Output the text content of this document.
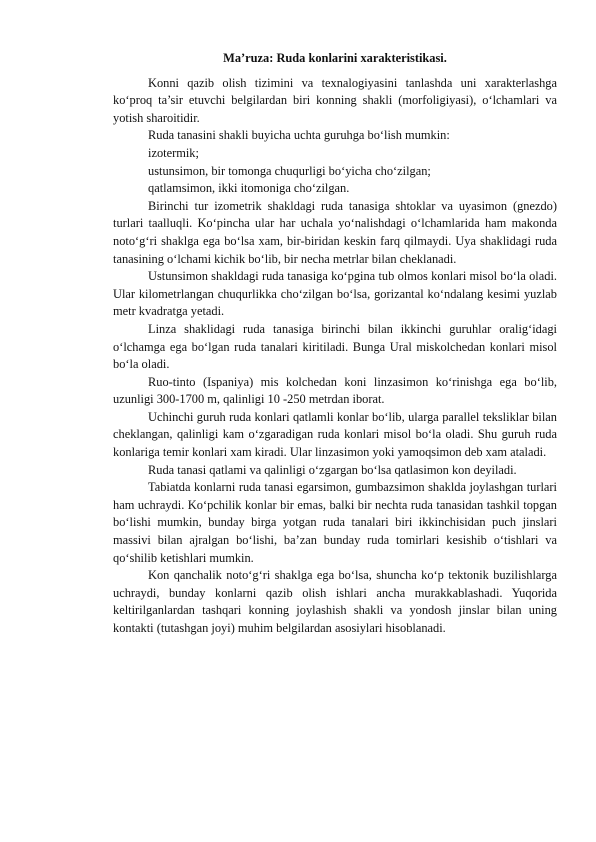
Ma’ruza: Ruda konlarini xarakteristikasi.

Konni qazib olish tizimini va texnalogiyasini tanlashda uni xarakterlashga ko‘proq ta’sir etuvchi belgilardan biri konning shakli (morfoligiyasi), o‘lchamlari va yotish sharoitidir.

Ruda tanasini shakli buyicha uchta guruhga bo‘lish mumkin:

izotermik;

ustunsimon, bir tomonga chuqurligi bo‘yicha cho‘zilgan;

qatlamsimon, ikki itomoniga cho‘zilgan.

Birinchi tur izometrik shakldagi ruda tanasiga shtoklar va uyasimon (gnezdo) turlari taalluqli. Ko‘pincha ular har uchala yo‘nalishdagi o‘lchamlarida ham makonda noto‘g‘ri shaklga ega bo‘lsa xam, bir-biridan keskin farq qilmaydi. Uya shaklidagi ruda tanasining o‘lchami kichik bo‘lib, bir necha metrlar bilan cheklanadi.

Ustunsimon shakldagi ruda tanasiga ko‘pgina tub olmos konlari misol bo‘la oladi. Ular kilometrlangan chuqurlikka cho‘zilgan bo‘lsa, gorizantal ko‘ndalang kesimi yuzlab metr kvadratga yetadi.

Linza shaklidagi ruda tanasiga birinchi bilan ikkinchi guruhlar oralig‘idagi o‘lchamga ega bo‘lgan ruda tanalari kiritiladi. Bunga Ural miskolchedan konlari misol bo‘la oladi.

Ruo-tinto (Ispaniya) mis kolchedan koni linzasimon ko‘rinishga ega bo‘lib, uzunligi 300-1700 m, qalinligi 10 -250 metrdan iborat.

Uchinchi guruh ruda konlari qatlamli konlar bo‘lib, ularga parallel teksliklar bilan cheklangan, qalinligi kam o‘zgaradigan ruda konlari misol bo‘la oladi. Shu guruh ruda konlariga temir konlari xam kiradi. Ular linzasimon yoki yamoqsimon deb xam ataladi.

Ruda tanasi qatlami va qalinligi o‘zgargan bo‘lsa qatlasimon kon deyiladi.

Tabiatda konlarni ruda tanasi egarsimon, gumbazsimon shaklda joylashgan turlari ham uchraydi. Ko‘pchilik konlar bir emas, balki bir nechta ruda tanasidan tashkil topgan bo‘lishi mumkin, bunday birga yotgan ruda tanalari biri ikkinchisidan puch jinslari massivi bilan ajralgan bo‘lishi, ba’zan bunday ruda tomirlari kesishib o‘tishlari va qo‘shilib ketishlari mumkin.

Kon qanchalik noto‘g‘ri shaklga ega bo‘lsa, shuncha ko‘p tektonik buzilishlarga uchraydi, bunday konlarni qazib olish ishlari ancha murakkablashadi. Yuqorida keltirilganlardan tashqari konning joylashish shakli va yondosh jinslar bilan uning kontakti (tutashgan joyi) muhim belgilardan asosiylari hisoblanadi.
